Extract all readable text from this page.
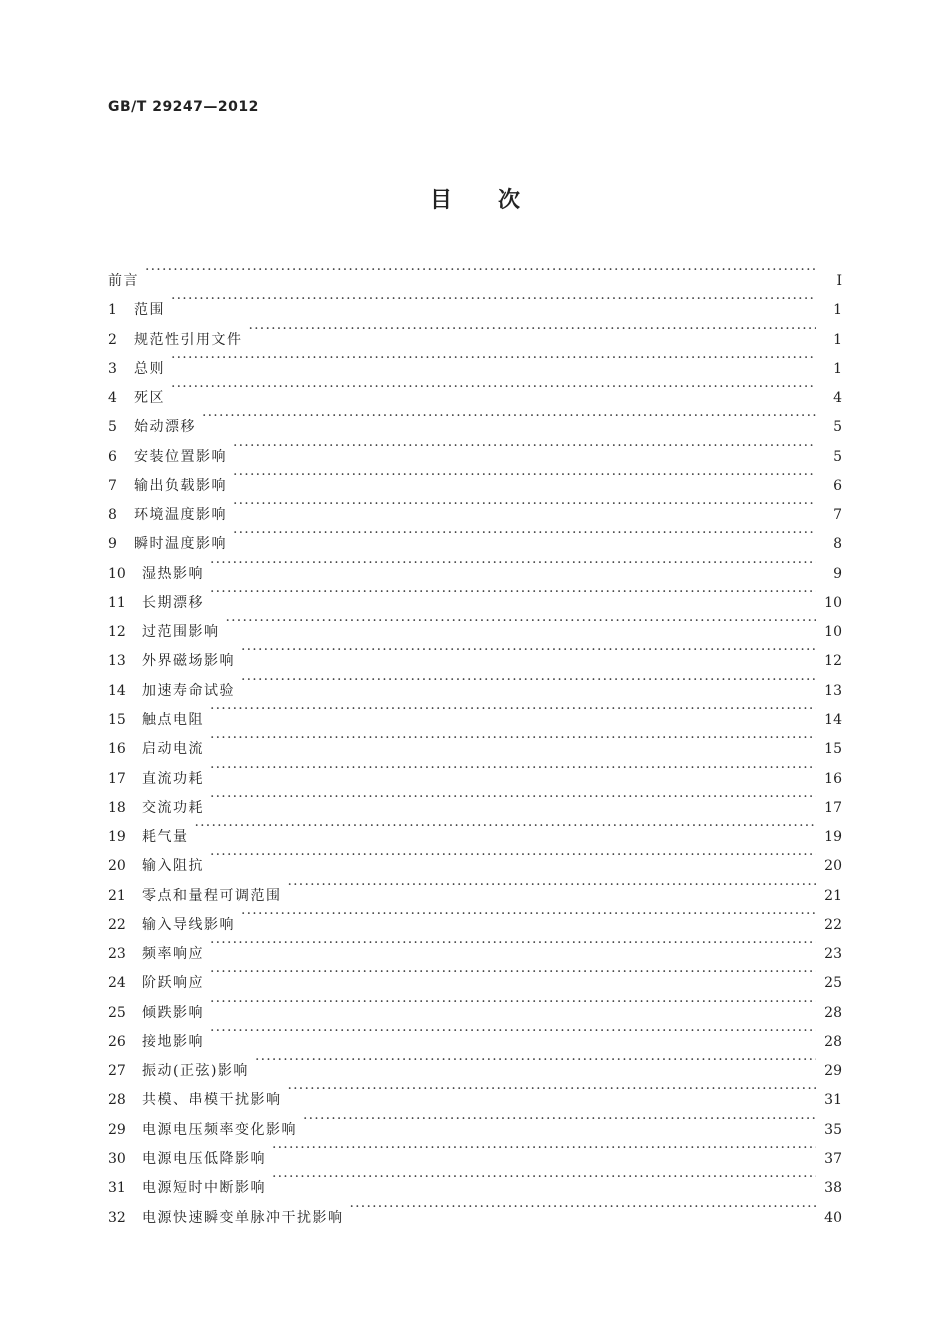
GB/T 29247—2012
目次
前言 ·····	Ⅰ
1	范围 ·····	1
2	规范性引用文件 ·····	1
3	总则 ·····	1
4	死区 ·····	4
5	始动漂移 ·····	5
6	安装位置影响 ·····	5
7	输出负载影响 ·····	6
8	环境温度影响 ·····	7
9	瞬时温度影响 ·····	8
10	湿热影响 ·····	9
11	长期漂移 ·····	10
12	过范围影响 ·····	10
13	外界磁场影响 ·····	12
14	加速寿命试验 ·····	13
15	触点电阻 ·····	14
16	启动电流 ·····	15
17	直流功耗 ·····	16
18	交流功耗 ·····	17
19	耗气量 ·····	19
20	输入阻抗 ·····	20
21	零点和量程可调范围 ·····	21
22	输入导线影响 ·····	22
23	频率响应 ·····	23
24	阶跃响应 ·····	25
25	倾跌影响 ·····	28
26	接地影响 ·····	28
27	振动(正弦)影响 ·····	29
28	共模、串模干扰影响 ·····	31
29	电源电压频率变化影响 ·····	35
30	电源电压低降影响 ·····	37
31	电源短时中断影响 ·····	38
32	电源快速瞬变单脉冲干扰影响 ·····	40
